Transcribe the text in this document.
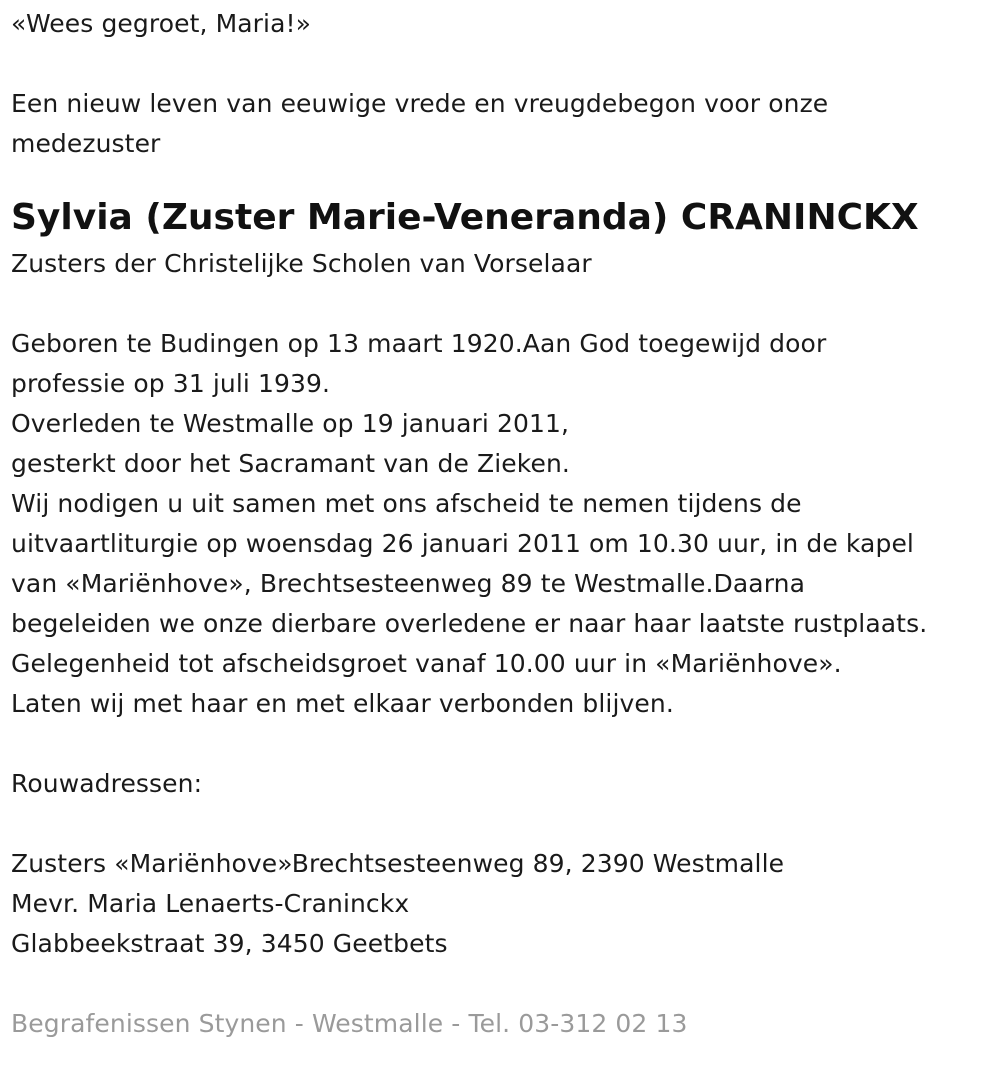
«Wees gegroet, Maria!»
Een nieuw leven van eeuwige vrede en vreugdebegon voor onze
medezuster
Sylvia (Zuster Marie-Veneranda) CRANINCKX
Zusters der Christelijke Scholen van Vorselaar
Geboren te Budingen op 13 maart 1920.Aan God toegewijd door
professie op 31 juli 1939.
Overleden te Westmalle op 19 januari 2011,
gesterkt door het Sacramant van de Zieken.
Wij nodigen u uit samen met ons afscheid te nemen tijdens de
uitvaartliturgie op woensdag 26 januari 2011 om 10.30 uur, in de kapel
van «Mariënhove», Brechtsesteenweg 89 te Westmalle.Daarna
begeleiden we onze dierbare overledene er naar haar laatste rustplaats.
Gelegenheid tot afscheidsgroet vanaf 10.00 uur in «Mariënhove».
Laten wij met haar en met elkaar verbonden blijven.
Rouwadressen:
Zusters «Mariënhove»Brechtsesteenweg 89, 2390 Westmalle
Mevr. Maria Lenaerts-Craninckx
Glabbeekstraat 39, 3450 Geetbets
Begrafenissen Stynen - Westmalle - Tel. 03-312 02 13
